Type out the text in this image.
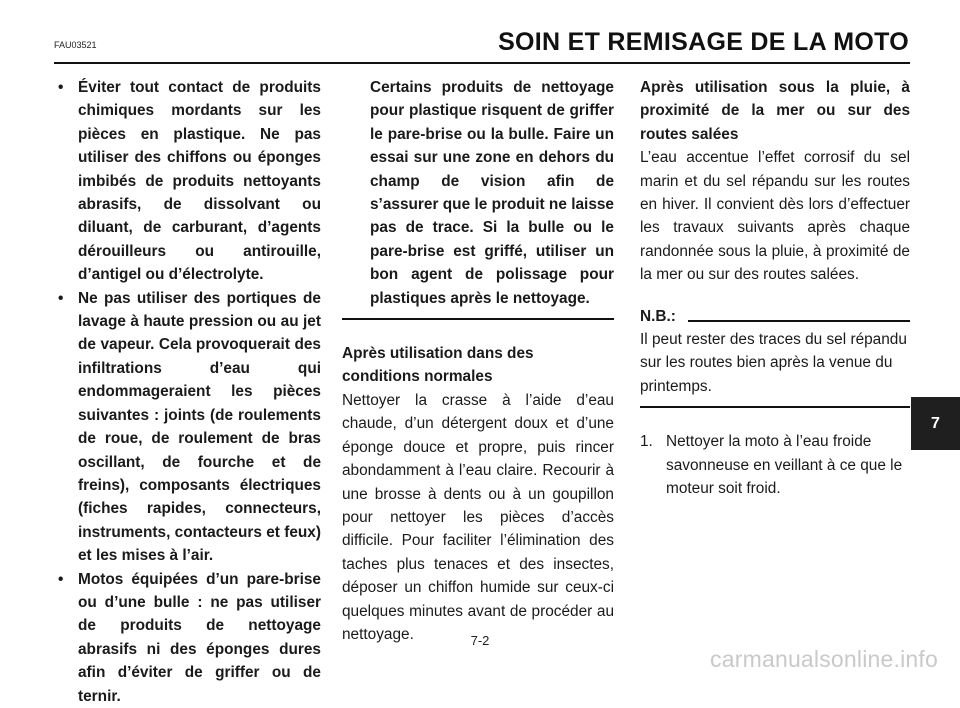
FAU03521	SOIN ET REMISAGE DE LA MOTO

• Éviter tout contact de produits chimiques mordants sur les pièces en plastique. Ne pas utiliser des chiffons ou éponges imbibés de produits nettoyants abrasifs, de dissolvant ou diluant, de carburant, d’agents dérouilleurs ou antirouille, d’antigel ou d’électrolyte.

• Ne pas utiliser des portiques de lavage à haute pression ou au jet de vapeur. Cela provoquerait des infiltrations d’eau qui endommageraient les pièces suivantes : joints (de roulements de roue, de roulement de bras oscillant, de fourche et de freins), composants électriques (fiches rapides, connecteurs, instruments, contacteurs et feux) et les mises à l’air.

• Motos équipées d’un pare-brise ou d’une bulle : ne pas utiliser de produits de nettoyage abrasifs ni des éponges dures afin d’éviter de griffer ou de ternir.

Certains produits de nettoyage pour plastique risquent de griffer le pare-brise ou la bulle. Faire un essai sur une zone en dehors du champ de vision afin de s’assurer que le produit ne laisse pas de trace. Si la bulle ou le pare-brise est griffé, utiliser un bon agent de polissage pour plastiques après le nettoyage.

Après utilisation dans des conditions normales

Nettoyer la crasse à l’aide d’eau chaude, d’un détergent doux et d’une éponge douce et propre, puis rincer abondamment à l’eau claire. Recourir à une brosse à dents ou à un goupillon pour nettoyer les pièces d’accès difficile. Pour faciliter l’élimination des taches plus tenaces et des insectes, déposer un chiffon humide sur ceux-ci quelques minutes avant de procéder au nettoyage.

Après utilisation sous la pluie, à proximité de la mer ou sur des routes salées

L’eau accentue l’effet corrosif du sel marin et du sel répandu sur les routes en hiver. Il convient dès lors d’effectuer les travaux suivants après chaque randonnée sous la pluie, à proximité de la mer ou sur des routes salées.

N.B.:

Il peut rester des traces du sel répandu sur les routes bien après la venue du printemps.

1. Nettoyer la moto à l’eau froide savonneuse en veillant à ce que le moteur soit froid.

7
7-2
carmanualsonline.info
